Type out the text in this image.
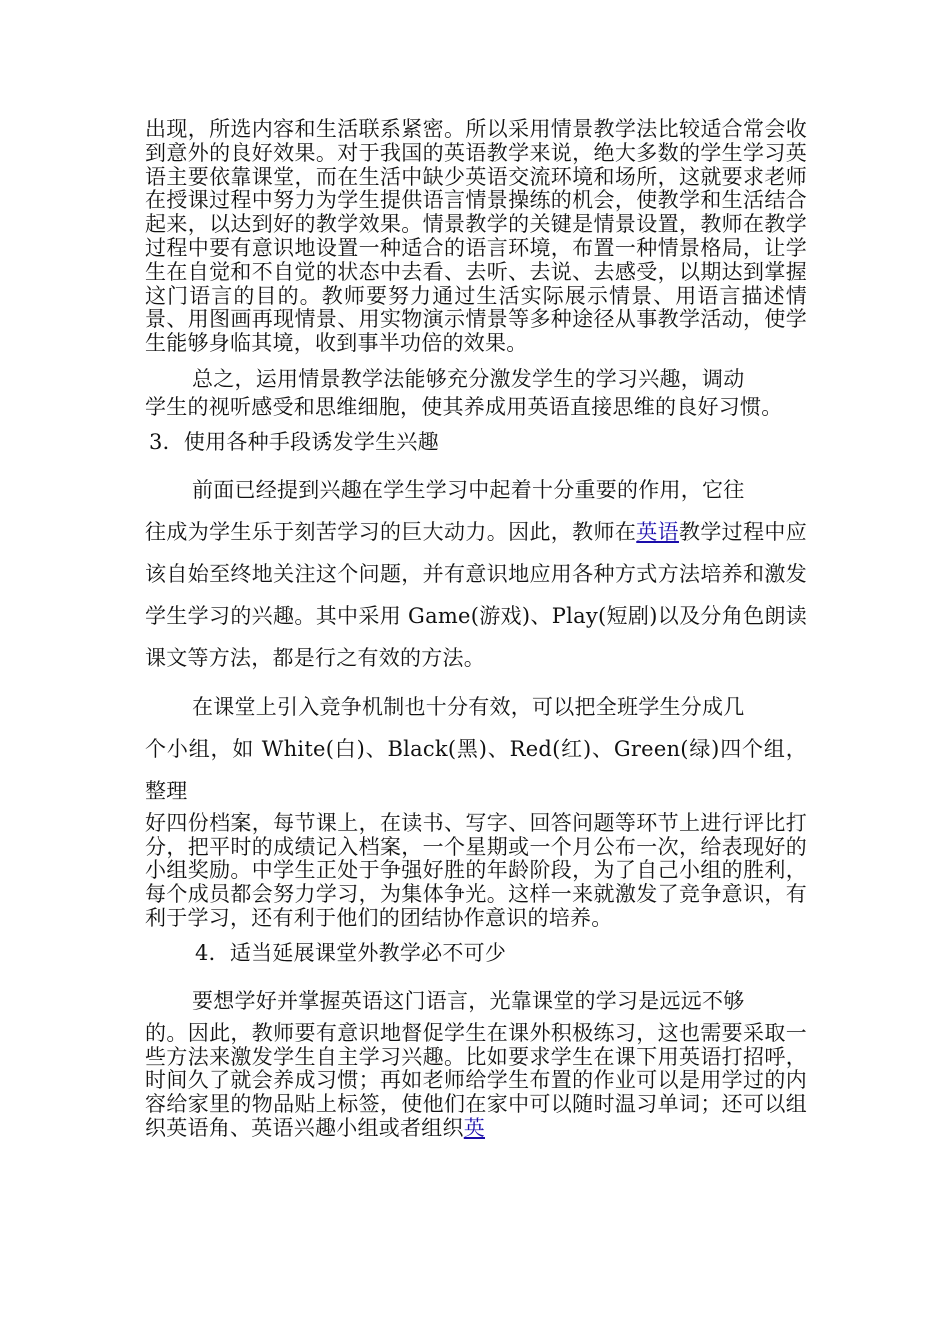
出现，所选内容和生活联系紧密。所以采用情景教学法比较适合常会收到意外的良好效果。对于我国的英语教学来说，绝大多数的学生学习英语主要依靠课堂，而在生活中缺少英语交流环境和场所，这就要求老师在授课过程中努力为学生提供语言情景操练的机会，使教学和生活结合起来，以达到好的教学效果。情景教学的关键是情景设置，教师在教学过程中要有意识地设置一种适合的语言环境，布置一种情景格局，让学生在自觉和不自觉的状态中去看、去听、去说、去感受，以期达到掌握这门语言的目的。教师要努力通过生活实际展示情景、用语言描述情景、用图画再现情景、用实物演示情景等多种途径从事教学活动，使学生能够身临其境，收到事半功倍的效果。

总之，运用情景教学法能够充分激发学生的学习兴趣，调动

学生的视听感受和思维细胞，使其养成用英语直接思维的良好习惯。

3．使用各种手段诱发学生兴趣

前面已经提到兴趣在学生学习中起着十分重要的作用，它往

往成为学生乐于刻苦学习的巨大动力。因此，教师在英语教学过程中应该自始至终地关注这个问题，并有意识地应用各种方式方法培养和激发学生学习的兴趣。其中采用 Game(游戏)、Play(短剧)以及分角色朗读课文等方法，都是行之有效的方法。

在课堂上引入竞争机制也十分有效，可以把全班学生分成几

个小组，如 White(白)、Black(黑)、Red(红)、Green(绿)四个组，整理

好四份档案，每节课上，在读书、写字、回答问题等环节上进行评比打分，把平时的成绩记入档案，一个星期或一个月公布一次，给表现好的小组奖励。中学生正处于争强好胜的年龄阶段，为了自己小组的胜利，每个成员都会努力学习，为集体争光。这样一来就激发了竞争意识，有利于学习，还有利于他们的团结协作意识的培养。

4．适当延展课堂外教学必不可少

要想学好并掌握英语这门语言，光靠课堂的学习是远远不够

的。因此，教师要有意识地督促学生在课外积极练习，这也需要采取一些方法来激发学生自主学习兴趣。比如要求学生在课下用英语打招呼，时间久了就会养成习惯；再如老师给学生布置的作业可以是用学过的内容给家里的物品贴上标签，使他们在家中可以随时温习单词；还可以组织英语角、英语兴趣小组或者组织英
